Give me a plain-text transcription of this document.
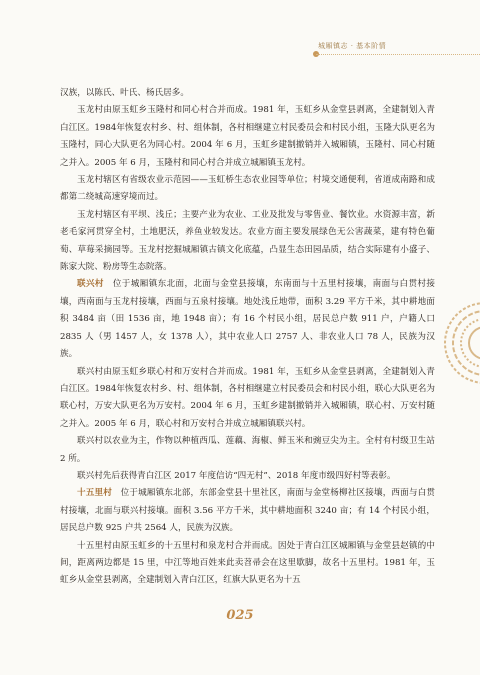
城厢镇志 · 基本阶情

汉族，以陈氏、叶氏、杨氏居多。

玉龙村由原玉虹乡玉隆村和同心村合并而成。1981 年，玉虹乡从金堂县剥离，全建制划入青白江区。1984年恢复农村乡、村、组体制，各村相继建立村民委员会和村民小组，玉隆大队更名为玉隆村，同心大队更名为同心村。2004 年 6 月，玉虹乡建制撤销并入城厢镇，玉隆村、同心村随之并入。2005 年 6 月，玉隆村和同心村合并成立城厢镇玉龙村。

玉龙村辖区有省级农业示范园——玉虹桥生态农业园等单位；村境交通便利，省道成南路和成都第二绕城高速穿境而过。

玉龙村辖区有平坝、浅丘；主要产业为农业、工业及批发与零售业、餐饮业。水资源丰富，新老毛家河贯穿全村，土地肥沃，养鱼业较发达。农业方面主要发展绿色无公害蔬菜，建有特色葡萄、草莓采摘园等。玉龙村挖掘城厢镇古镇文化底蕴，凸显生态田园品质，结合实际建有小盛子、陈家大院、粉房等生态院落。

联兴村　 位于城厢镇东北面，北面与金堂县接壤，东南面与十五里村接壤，南面与白贯村接壤，西南面与玉龙村接壤，西面与五泉村接壤。地处浅丘地带，面积 3.29 平方千米，其中耕地面积 3484 亩（田 1536 亩，地 1948 亩）；有 16 个村民小组，居民总户数 911 户，户籍人口 2835 人（男 1457 人，女 1378 人），其中农业人口 2757 人、非农业人口 78 人，民族为汉族。

联兴村由原玉虹乡联心村和万安村合并而成。1981 年，玉虹乡从金堂县剥离，全建制划入青白江区。1984年恢复农村乡、村、组体制，各村相继建立村民委员会和村民小组，联心大队更名为联心村，万安大队更名为万安村。2004 年 6 月，玉虹乡建制撤销并入城厢镇，联心村、万安村随之并入。2005 年 6 月，联心村和万安村合并成立城厢镇联兴村。

联兴村以农业为主，作物以种植西瓜、莲藕、海椒、鲜玉米和豌豆尖为主。全村有村级卫生站 2 所。

联兴村先后获得青白江区 2017 年度信访“四无村”、2018 年度市级四好村等表彰。

十五里村　 位于城厢镇东北部，东部金堂县十里社区，南面与金堂杨柳社区接壤，西面与白贯村接壤，北面与联兴村接壤。面积 3.56 平方千米，其中耕地面积 3240 亩；有 14 个村民小组，居民总户数 925 户共 2564 人，民族为汉族。

十五里村由原玉虹乡的十五里村和泉龙村合并而成。因处于青白江区城厢镇与金堂县赵镇的中间，距离两边都是 15 里，中江等地百姓来此卖苕帚会在这里歇脚，故名十五里村。1981 年，玉虹乡从金堂县剥离，全建制划入青白江区，红旗大队更名为十五

025
